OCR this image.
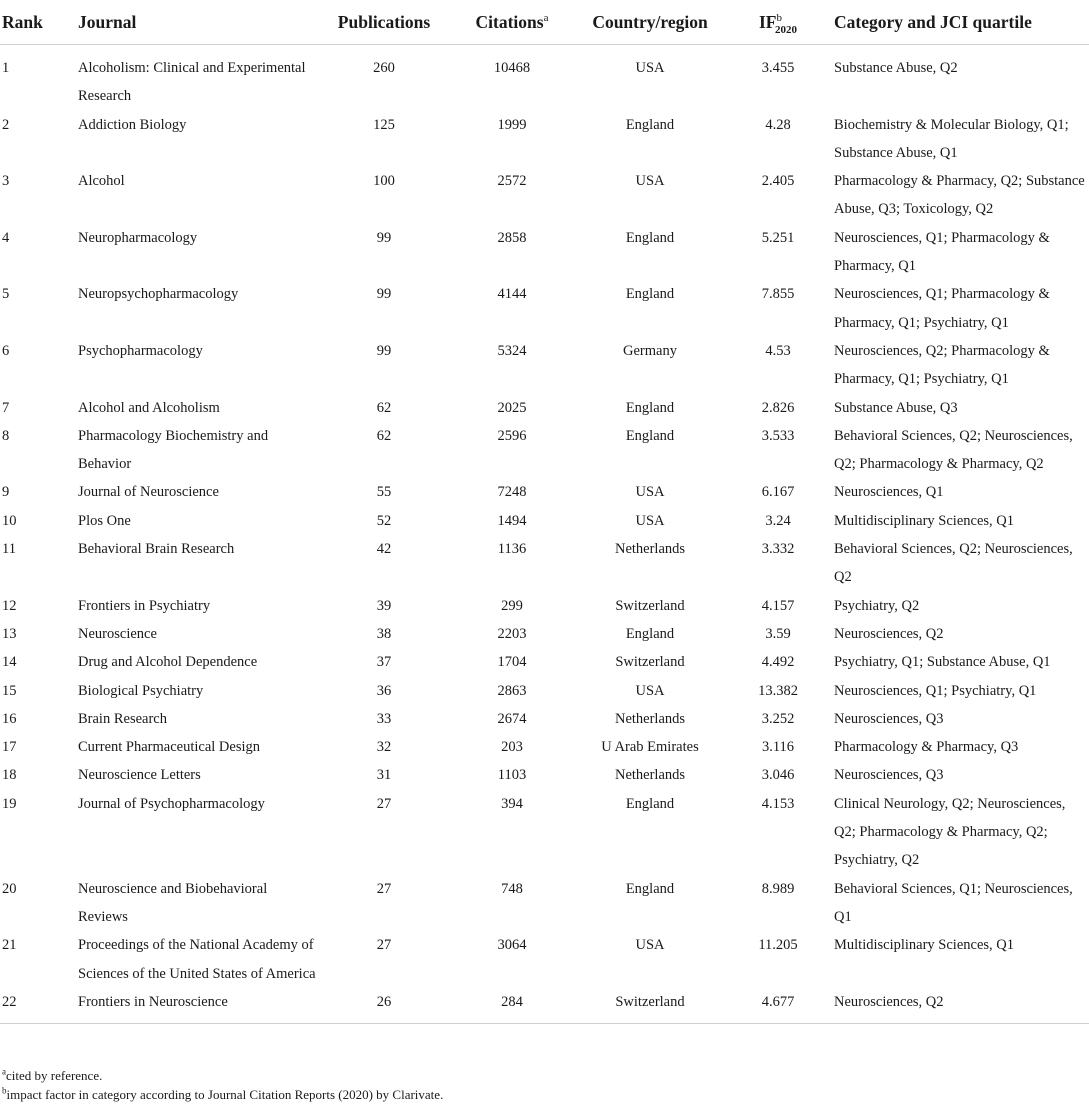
Rank	Journal	Publications	Citations$^a$	Country/region	$IF^b_{2020}$	Category and JCI quartile
1	Alcoholism: Clinical and Experimental Research	260	10468	USA	3.455	Substance Abuse, Q2
2	Addiction Biology	125	1999	England	4.28	Biochemistry & Molecular Biology, Q1; Substance Abuse, Q1
3	Alcohol	100	2572	USA	2.405	Pharmacology & Pharmacy, Q2; Substance Abuse, Q3; Toxicology, Q2
4	Neuropharmacology	99	2858	England	5.251	Neurosciences, Q1; Pharmacology & Pharmacy, Q1
5	Neuropsychopharmacology	99	4144	England	7.855	Neurosciences, Q1; Pharmacology & Pharmacy, Q1; Psychiatry, Q1
6	Psychopharmacology	99	5324	Germany	4.53	Neurosciences, Q2; Pharmacology & Pharmacy, Q1; Psychiatry, Q1
7	Alcohol and Alcoholism	62	2025	England	2.826	Substance Abuse, Q3
8	Pharmacology Biochemistry and Behavior	62	2596	England	3.533	Behavioral Sciences, Q2; Neurosciences, Q2; Pharmacology & Pharmacy, Q2
9	Journal of Neuroscience	55	7248	USA	6.167	Neurosciences, Q1
10	Plos One	52	1494	USA	3.24	Multidisciplinary Sciences, Q1
11	Behavioral Brain Research	42	1136	Netherlands	3.332	Behavioral Sciences, Q2; Neurosciences, Q2
12	Frontiers in Psychiatry	39	299	Switzerland	4.157	Psychiatry, Q2
13	Neuroscience	38	2203	England	3.59	Neurosciences, Q2
14	Drug and Alcohol Dependence	37	1704	Switzerland	4.492	Psychiatry, Q1; Substance Abuse, Q1
15	Biological Psychiatry	36	2863	USA	13.382	Neurosciences, Q1; Psychiatry, Q1
16	Brain Research	33	2674	Netherlands	3.252	Neurosciences, Q3
17	Current Pharmaceutical Design	32	203	U Arab Emirates	3.116	Pharmacology & Pharmacy, Q3
18	Neuroscience Letters	31	1103	Netherlands	3.046	Neurosciences, Q3
19	Journal of Psychopharmacology	27	394	England	4.153	Clinical Neurology, Q2; Neurosciences, Q2; Pharmacology & Pharmacy, Q2; Psychiatry, Q2
20	Neuroscience and Biobehavioral Reviews	27	748	England	8.989	Behavioral Sciences, Q1; Neurosciences, Q1
21	Proceedings of the National Academy of Sciences of the United States of America	27	3064	USA	11.205	Multidisciplinary Sciences, Q1
22	Frontiers in Neuroscience	26	284	Switzerland	4.677	Neurosciences, Q2
$^a$cited by reference.
$^b$impact factor in category according to Journal Citation Reports (2020) by Clarivate.
